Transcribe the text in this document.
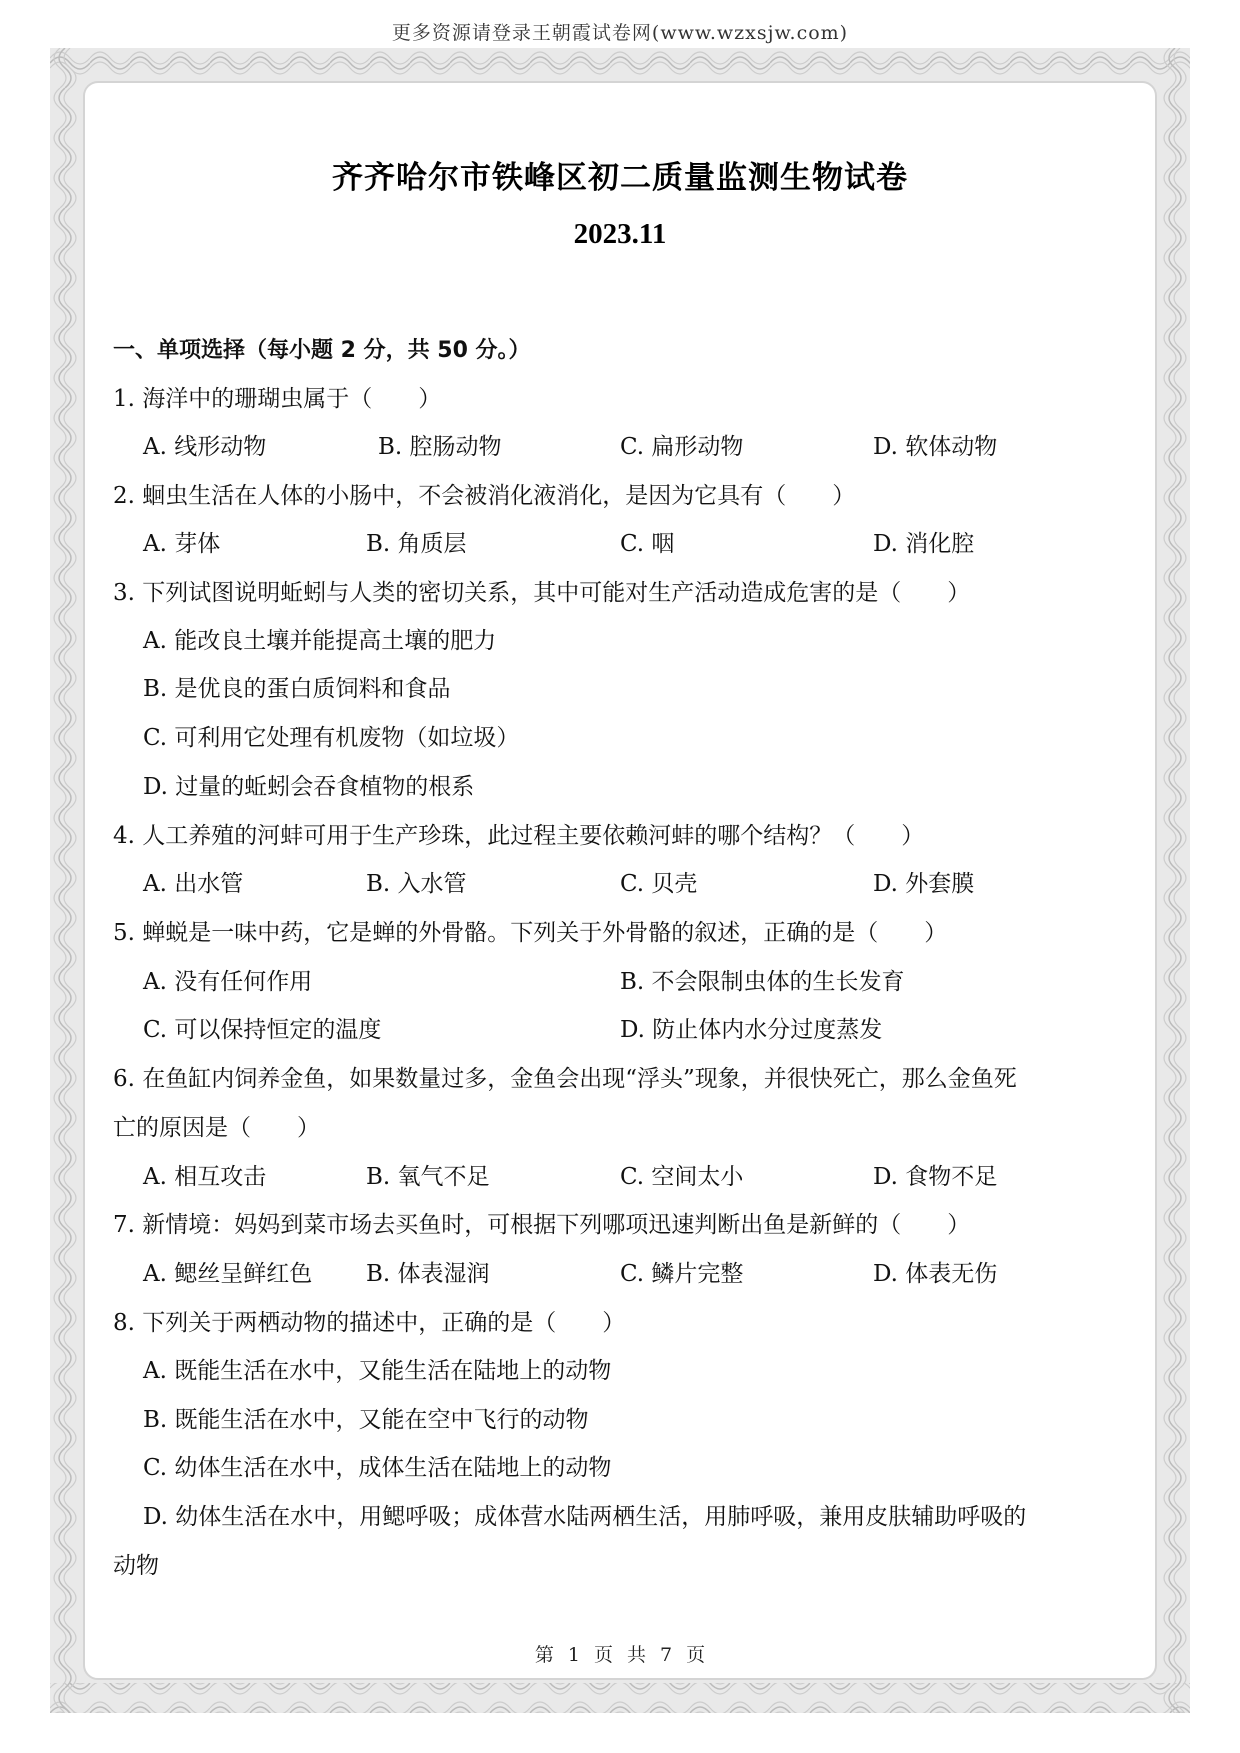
更多资源请登录王朝霞试卷网(www.wzxsjw.com)
齐齐哈尔市铁峰区初二质量监测生物试卷
2023.11
一、单项选择（每小题 2 分，共 50 分。）
1. 海洋中的珊瑚虫属于（　　）
A. 线形动物	B. 腔肠动物	C. 扁形动物	D. 软体动物
2. 蛔虫生活在人体的小肠中，不会被消化液消化，是因为它具有（　　）
A. 芽体	B. 角质层	C. 咽	D. 消化腔
3. 下列试图说明蚯蚓与人类的密切关系，其中可能对生产活动造成危害的是（　　）
A. 能改良土壤并能提高土壤的肥力
B. 是优良的蛋白质饲料和食品
C. 可利用它处理有机废物（如垃圾）
D. 过量的蚯蚓会吞食植物的根系
4. 人工养殖的河蚌可用于生产珍珠，此过程主要依赖河蚌的哪个结构？（　　）
A. 出水管	B. 入水管	C. 贝壳	D. 外套膜
5. 蝉蜕是一味中药，它是蝉的外骨骼。下列关于外骨骼的叙述，正确的是（　　）
A. 没有任何作用	B. 不会限制虫体的生长发育
C. 可以保持恒定的温度	D. 防止体内水分过度蒸发
6. 在鱼缸内饲养金鱼，如果数量过多，金鱼会出现“浮头”现象，并很快死亡，那么金鱼死
亡的原因是（　　）
A. 相互攻击	B. 氧气不足	C. 空间太小	D. 食物不足
7. 新情境：妈妈到菜市场去买鱼时，可根据下列哪项迅速判断出鱼是新鲜的（　　）
A. 鳃丝呈鲜红色 B. 体表湿润	C. 鳞片完整	D. 体表无伤
8. 下列关于两栖动物的描述中，正确的是（　　）
A. 既能生活在水中，又能生活在陆地上的动物
B. 既能生活在水中，又能在空中飞行的动物
C. 幼体生活在水中，成体生活在陆地上的动物
D. 幼体生活在水中，用鳃呼吸；成体营水陆两栖生活，用肺呼吸，兼用皮肤辅助呼吸的
动物
第 1 页 共 7 页
